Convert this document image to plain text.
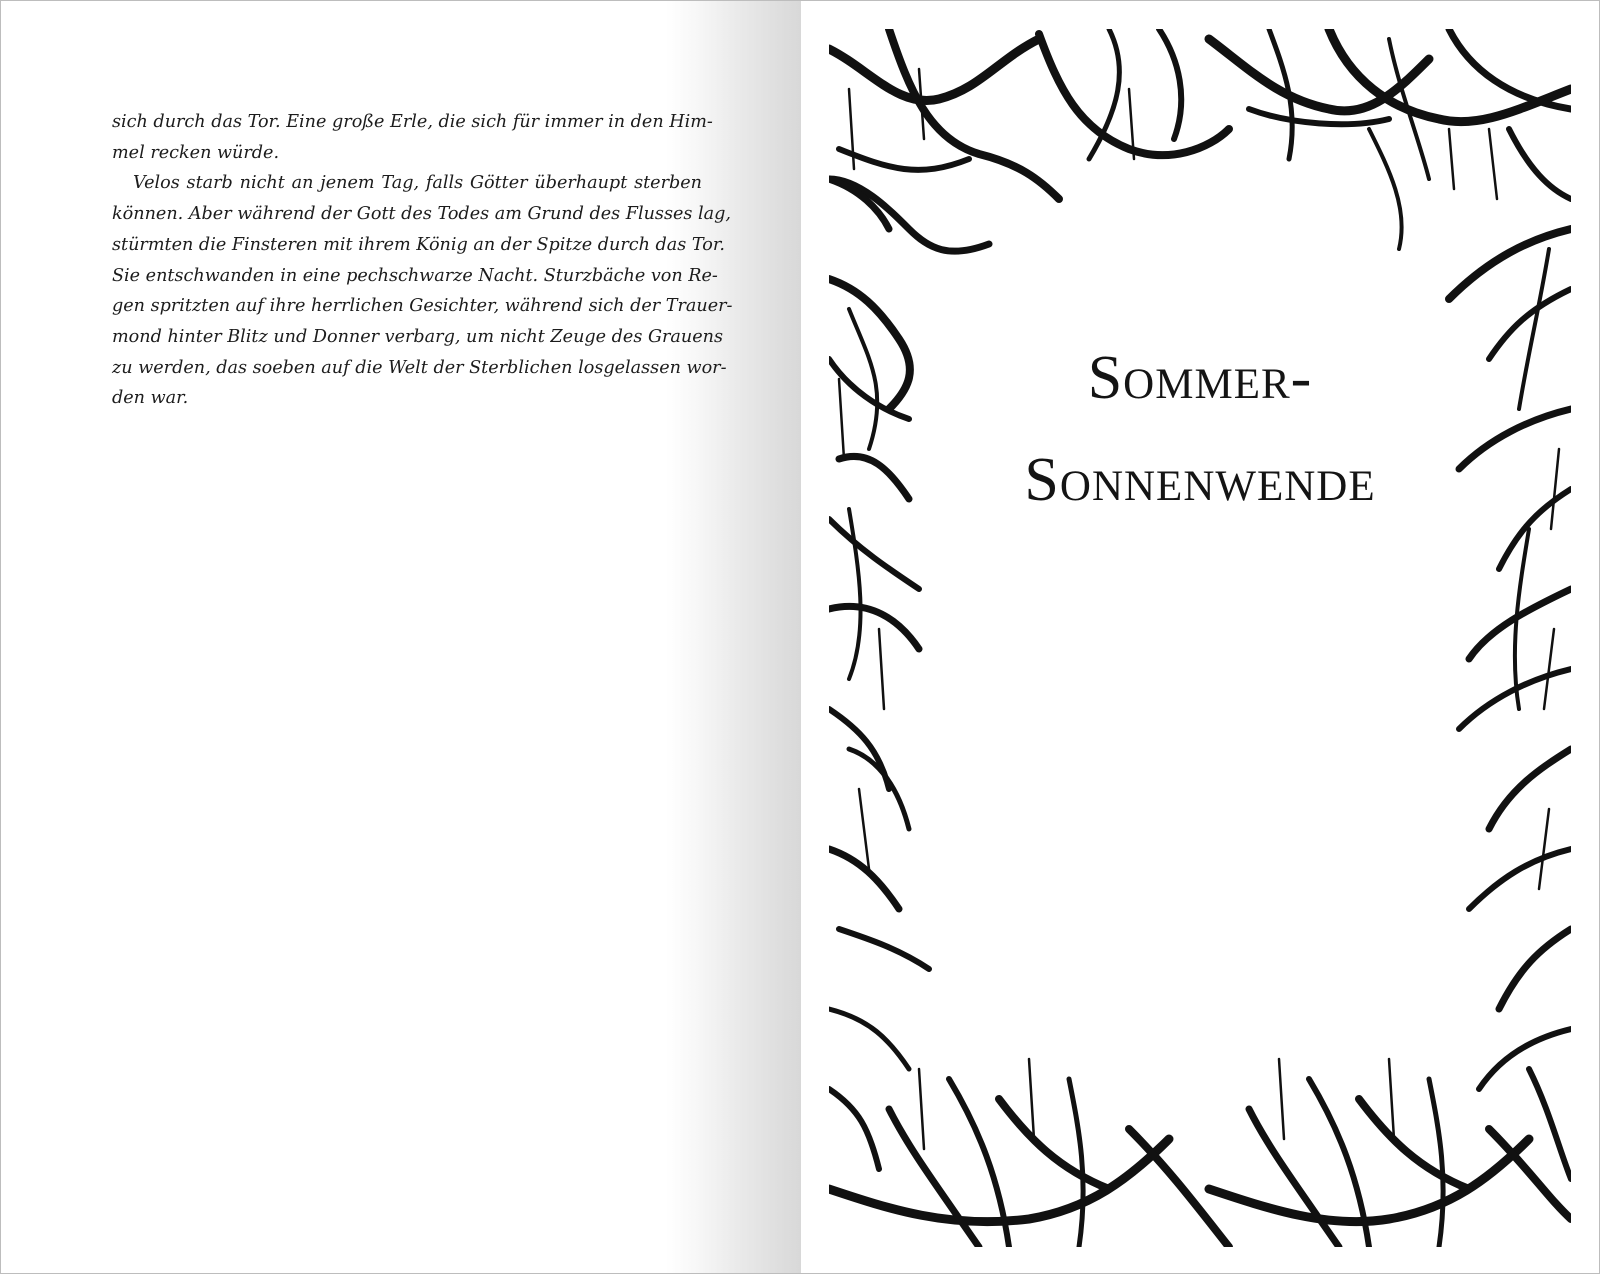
sich durch das Tor. Eine große Erle, die sich für immer in den Him-
mel recken würde.
Velos starb nicht an jenem Tag, falls Götter überhaupt sterben
können. Aber während der Gott des Todes am Grund des Flusses lag,
stürmten die Finsteren mit ihrem König an der Spitze durch das Tor.
Sie entschwanden in eine pechschwarze Nacht. Sturzbäche von Re-
gen spritzten auf ihre herrlichen Gesichter, während sich der Trauer-
mond hinter Blitz und Donner verbarg, um nicht Zeuge des Grauens
zu werden, das soeben auf die Welt der Sterblichen losgelassen wor-
den war.	Sommer-
Sonnenwende
